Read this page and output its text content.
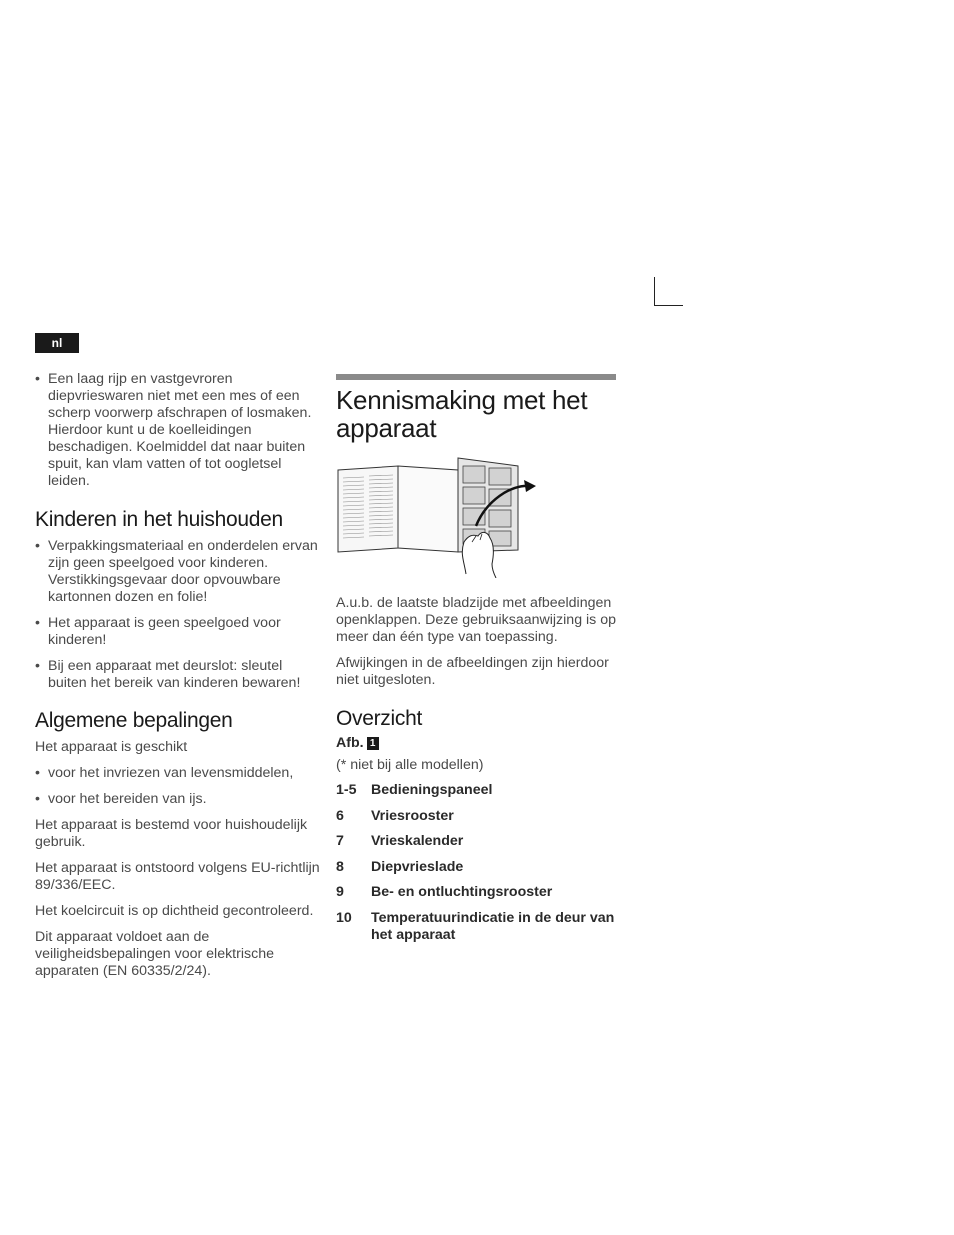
nl
• Een laag rijp en vastgevroren diepvrieswaren niet met een mes of een scherp voorwerp afschrapen of losmaken. Hierdoor kunt u de koelleidingen beschadigen. Koelmiddel dat naar buiten spuit, kan vlam vatten of tot oogletsel leiden.
Kinderen in het huishouden
• Verpakkingsmateriaal en onderdelen ervan zijn geen speelgoed voor kinderen. Verstikkingsgevaar door opvouwbare kartonnen dozen en folie!
• Het apparaat is geen speelgoed voor kinderen!
• Bij een apparaat met deurslot: sleutel buiten het bereik van kinderen bewaren!
Algemene bepalingen

Het apparaat is geschikt

• voor het invriezen van levensmiddelen,
• voor het bereiden van ijs.

Het apparaat is bestemd voor huishoudelijk gebruik.

Het apparaat is ontstoord volgens EU-richtlijn 89/336/EEC.

Het koelcircuit is op dichtheid gecontroleerd.

Dit apparaat voldoet aan de veiligheidsbepalingen voor elektrische apparaten (EN 60335/2/24).

Kennismaking met het apparaat

A.u.b. de laatste bladzijde met afbeeldingen openklappen. Deze gebruiksaanwijzing is op meer dan één type van toepassing.

Afwijkingen in de afbeeldingen zijn hierdoor niet uitgesloten.

Overzicht
Afb. 1

(* niet bij alle modellen)

1-5	Bedieningspaneel
6	Vriesrooster
7	Vrieskalender
8	Diepvrieslade
9	Be- en ontluchtingsrooster
10	Temperatuurindicatie in de deur van het apparaat
